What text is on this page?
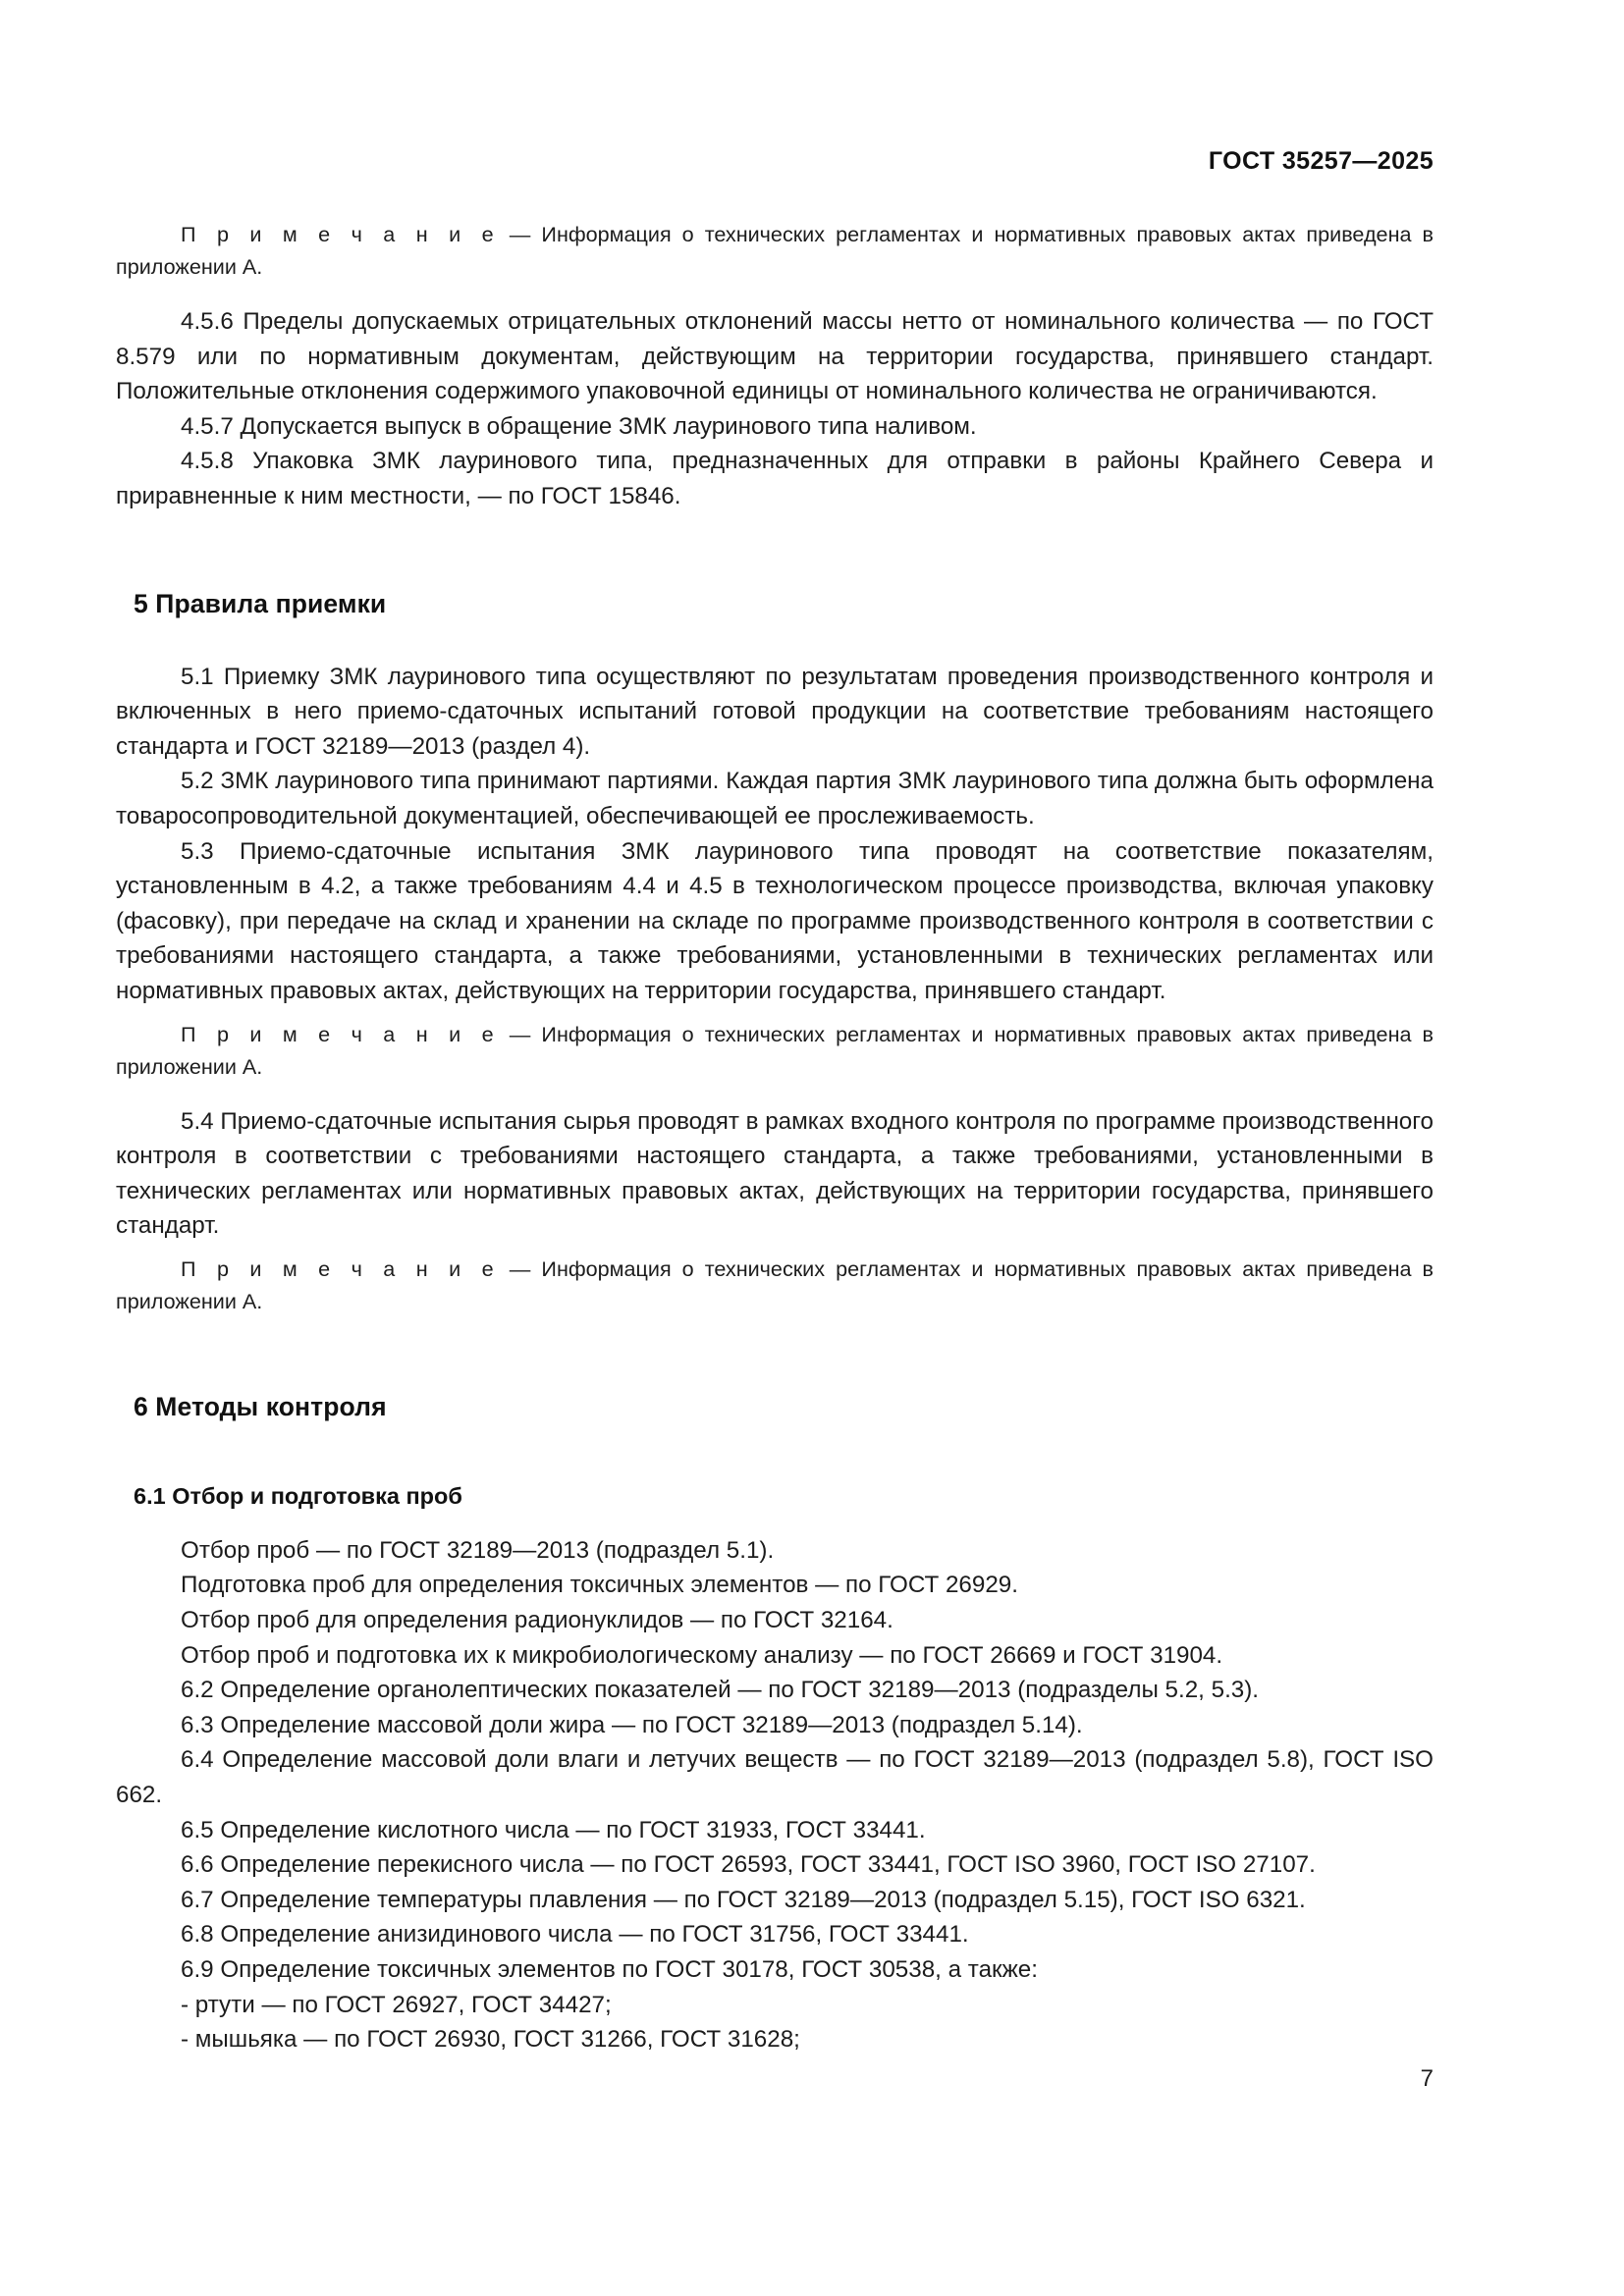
ГОСТ 35257—2025

П р и м е ч а н и е — Информация о технических регламентах и нормативных правовых актах приведена в приложении А.

4.5.6 Пределы допускаемых отрицательных отклонений массы нетто от номинального количества — по ГОСТ 8.579 или по нормативным документам, действующим на территории государства, принявшего стандарт. Положительные отклонения содержимого упаковочной единицы от номинального количества не ограничиваются.

4.5.7 Допускается выпуск в обращение ЗМК лауринового типа наливом.

4.5.8 Упаковка ЗМК лауринового типа, предназначенных для отправки в районы Крайнего Севера и приравненные к ним местности, — по ГОСТ 15846.

5 Правила приемки

5.1 Приемку ЗМК лауринового типа осуществляют по результатам проведения производственного контроля и включенных в него приемо-сдаточных испытаний готовой продукции на соответствие требованиям настоящего стандарта и ГОСТ 32189—2013 (раздел 4).

5.2 ЗМК лауринового типа принимают партиями. Каждая партия ЗМК лауринового типа должна быть оформлена товаросопроводительной документацией, обеспечивающей ее прослеживаемость.

5.3 Приемо-сдаточные испытания ЗМК лауринового типа проводят на соответствие показателям, установленным в 4.2, а также требованиям 4.4 и 4.5 в технологическом процессе производства, включая упаковку (фасовку), при передаче на склад и хранении на складе по программе производственного контроля в соответствии с требованиями настоящего стандарта, а также требованиями, установленными в технических регламентах или нормативных правовых актах, действующих на территории государства, принявшего стандарт.

П р и м е ч а н и е — Информация о технических регламентах и нормативных правовых актах приведена в приложении А.

5.4 Приемо-сдаточные испытания сырья проводят в рамках входного контроля по программе производственного контроля в соответствии с требованиями настоящего стандарта, а также требованиями, установленными в технических регламентах или нормативных правовых актах, действующих на территории государства, принявшего стандарт.

П р и м е ч а н и е — Информация о технических регламентах и нормативных правовых актах приведена в приложении А.

6 Методы контроля
6.1 Отбор и подготовка проб

Отбор проб — по ГОСТ 32189—2013 (подраздел 5.1).

Подготовка проб для определения токсичных элементов — по ГОСТ 26929.

Отбор проб для определения радионуклидов — по ГОСТ 32164.

Отбор проб и подготовка их к микробиологическому анализу — по ГОСТ 26669 и ГОСТ 31904.

6.2 Определение органолептических показателей — по ГОСТ 32189—2013 (подразделы 5.2, 5.3).

6.3 Определение массовой доли жира — по ГОСТ 32189—2013 (подраздел 5.14).

6.4 Определение массовой доли влаги и летучих веществ — по ГОСТ 32189—2013 (подраздел 5.8), ГОСТ ISO 662.

6.5 Определение кислотного числа — по ГОСТ 31933, ГОСТ 33441.

6.6 Определение перекисного числа — по ГОСТ 26593, ГОСТ 33441, ГОСТ ISO 3960, ГОСТ ISO 27107.

6.7 Определение температуры плавления — по ГОСТ 32189—2013 (подраздел 5.15), ГОСТ ISO 6321.

6.8 Определение анизидинового числа — по ГОСТ 31756, ГОСТ 33441.

6.9 Определение токсичных элементов по ГОСТ 30178, ГОСТ 30538, а также:

- ртути — по ГОСТ 26927, ГОСТ 34427;

- мышьяка — по ГОСТ 26930, ГОСТ 31266, ГОСТ 31628;

7
